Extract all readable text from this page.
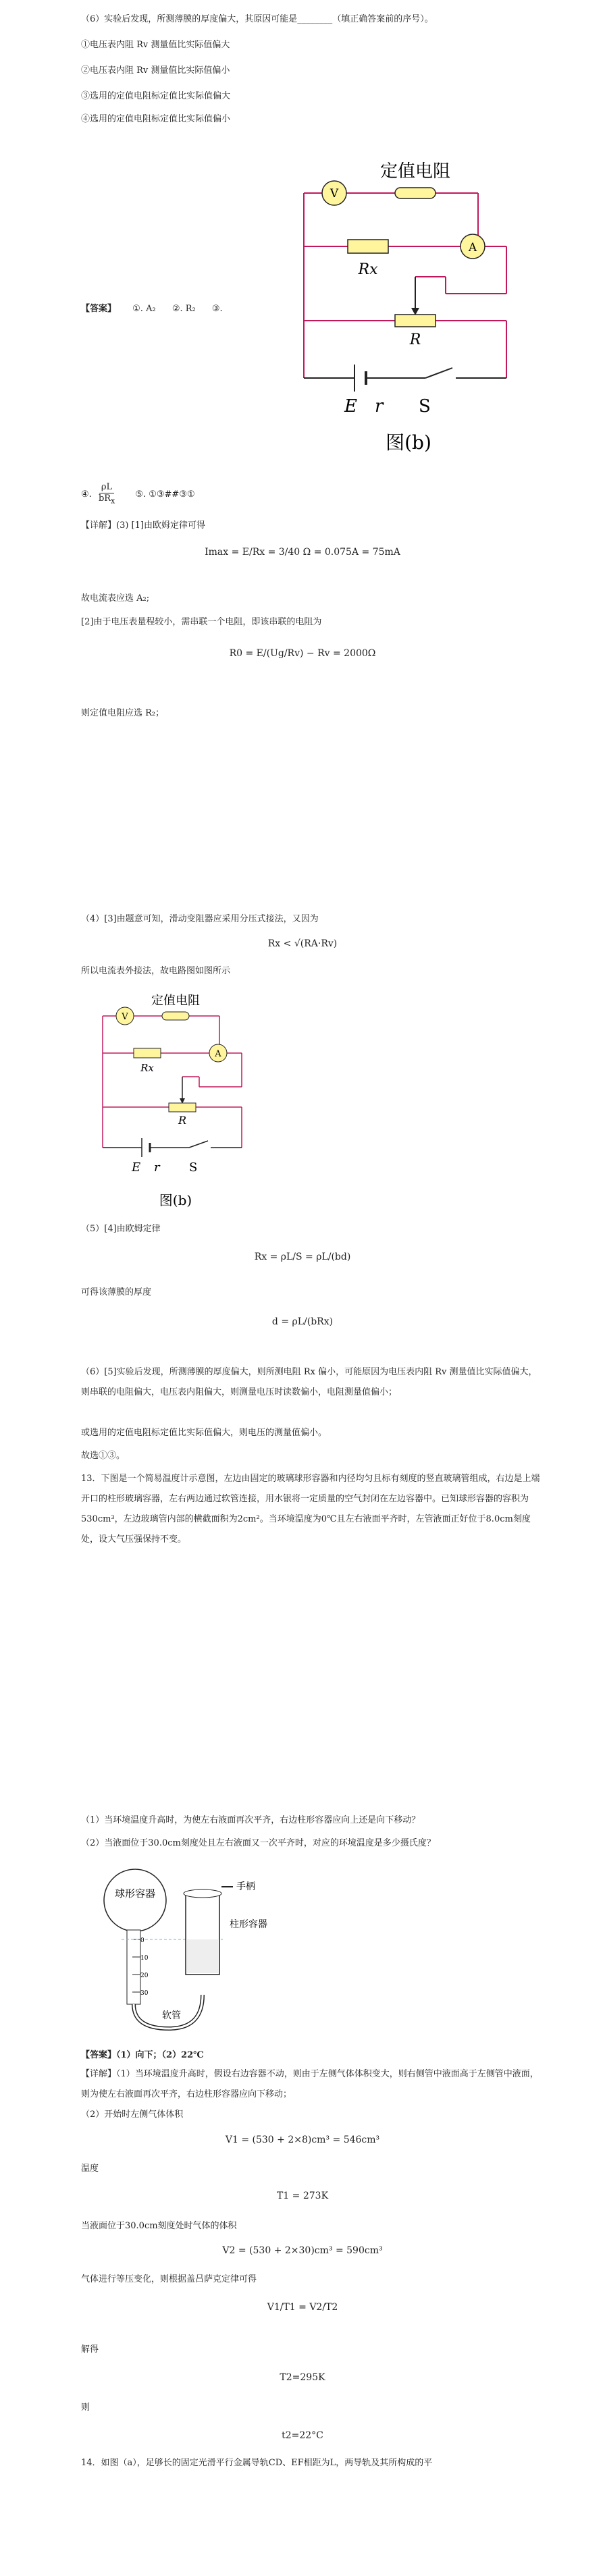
（6）实验后发现，所测薄膜的厚度偏大，其原因可能是________（填正确答案前的序号）。
①电压表内阻 Rv 测量值比实际值偏大
②电压表内阻 Rv 测量值比实际值偏小
③选用的定值电阻标定值比实际值偏大
④选用的定值电阻标定值比实际值偏小
V
定值电阻
Rx
A
R
E r S
图(b)
【答案】 ①. A₂ ②. R₂ ③.
④. $\frac{\rho L}{bR_x}$ ⑤. ①③##③①
【详解】(3) [1]由欧姆定律可得
Imax = E/Rx = 3/40 Ω = 0.075A = 75mA
故电流表应选 A₂;
[2]由于电压表量程较小，需串联一个电阻，即该串联的电阻为
R0 = E/(Ug/Rv) − Rv = 2000Ω
则定值电阻应选 R₂；
（4）[3]由题意可知，滑动变阻器应采用分压式接法，又因为
Rx < √(RA·Rv)
所以电流表外接法，故电路图如图所示
V
定值电阻
Rx
A
R
E r S
图(b)
（5）[4]由欧姆定律
Rx = ρL/S = ρL/(bd)
可得该薄膜的厚度
d = ρL/(bRx)
（6）[5]实验后发现，所测薄膜的厚度偏大，则所测电阻 Rx 偏小，可能原因为电压表内阻 Rv 测量值比实际值偏大，则串联的电阻偏大，电压表内阻偏大，则测量电压时读数偏小，电阻测量值偏小；
或选用的定值电阻标定值比实际值偏大，则电压的测量值偏小。
故选①③。
13．下图是一个简易温度计示意图，左边由固定的玻璃球形容器和内径均匀且标有刻度的竖直玻璃管组成，右边是上端开口的柱形玻璃容器，左右两边通过软管连接，用水银将一定质量的空气封闭在左边容器中。已知球形容器的容积为530cm³，左边玻璃管内部的横截面积为2cm²。当环境温度为0℃且左右液面平齐时，左管液面正好位于8.0cm刻度处，设大气压强保持不变。
（1）当环境温度升高时，为使左右液面再次平齐，右边柱形容器应向上还是向下移动？
（2）当液面位于30.0cm刻度处且左右液面又一次平齐时，对应的环境温度是多少摄氏度？
球形容器
0
10
20
30
手柄
柱形容器
软管
【答案】（1）向下；（2）22℃
【详解】（1）当环境温度升高时，假设右边容器不动，则由于左侧气体体积变大，则右侧管中液面高于左侧管中液面，则为使左右液面再次平齐，右边柱形容器应向下移动；
（2）开始时左侧气体体积
V1 = (530 + 2×8)cm³ = 546cm³
温度
T1 = 273K
当液面位于30.0cm刻度处时气体的体积
V2 = (530 + 2×30)cm³ = 590cm³
气体进行等压变化，则根据盖吕萨克定律可得
V1/T1 = V2/T2
解得
T2=295K
则
t2=22°C
14．如图（a），足够长的固定光滑平行金属导轨CD、EF相距为L，两导轨及其所构成的平
